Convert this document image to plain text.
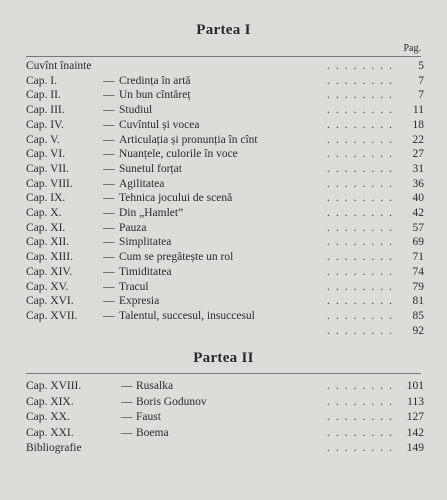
Partea I
Pag.
Cuvînt înainte	........ 5
Cap. I.	— Credința în artă	........ 7
Cap. II.	— Un bun cîntăreț	........ 7
Cap. III.	— Studiul	........ 11
Cap. IV.	— Cuvîntul și vocea	........ 18
Cap. V.	— Articulația și pronunția în cînt	........ 22
Cap. VI.	— Nuanțele, culorile în voce	........ 27
Cap. VII.	— Sunetul forțat	........ 31
Cap. VIII.	— Agilitatea	........ 36
Cap. IX.	— Tehnica jocului de scenă	........ 40
Cap. X.	— Din „Hamlet”	........ 42
Cap. XI.	— Pauza	........ 57
Cap. XII.	— Simplitatea	........ 69
Cap. XIII.	— Cum se pregătește un rol	........ 71
Cap. XIV.	— Timiditatea	........ 74
Cap. XV.	— Tracul	........ 79
Cap. XVI.	— Expresia	........ 81
Cap. XVII. — Talentul, succesul, insuccesul	........ 85
........ 92
Partea II
Cap. XVIII.	— Rusalka	........ 101
Cap. XIX.	— Boris Godunov	........ 113
Cap. XX.	— Faust	........ 127
Cap. XXI.	— Boema	........ 142
Bibliografie	........ 149
